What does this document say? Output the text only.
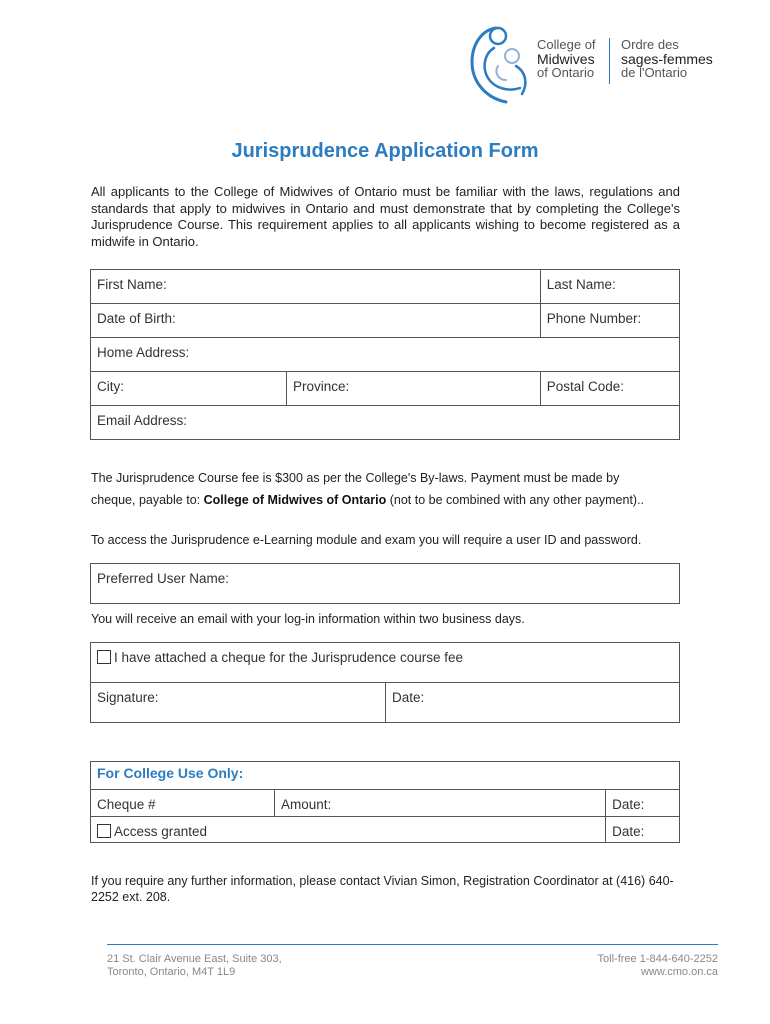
College of
Midwives
of Ontario
Ordre des
sages-femmes
de l'Ontario
Jurisprudence Application Form
All applicants to the College of Midwives of Ontario must be familiar with the laws, regulations and standards that apply to midwives in Ontario and must demonstrate that by completing the College's Jurisprudence Course. This requirement applies to all applicants wishing to become registered as a midwife in Ontario.
First Name:		Last Name:
Date of Birth:		Phone Number:
Home Address:		
City:	Province:	Postal Code:
Email Address:		
The Jurisprudence Course fee is $300 as per the College's By-laws. Payment must be made by
cheque, payable to: College of Midwives of Ontario (not to be combined with any other payment)..
To access the Jurisprudence e-Learning module and exam you will require a user ID and password.
Preferred User Name:
You will receive an email with your log-in information within two business days.
I have attached a cheque for the Jurisprudence course fee
Signature:	Date:
For College Use Only:		
Cheque #	Amount:	Date:
Access granted		Date:
If you require any further information, please contact Vivian Simon, Registration Coordinator at (416) 640-2252 ext. 208.
21 St. Clair Avenue East, Suite 303,
Toronto, Ontario, M4T 1L9
Toll-free 1-844-640-2252
www.cmo.on.ca
